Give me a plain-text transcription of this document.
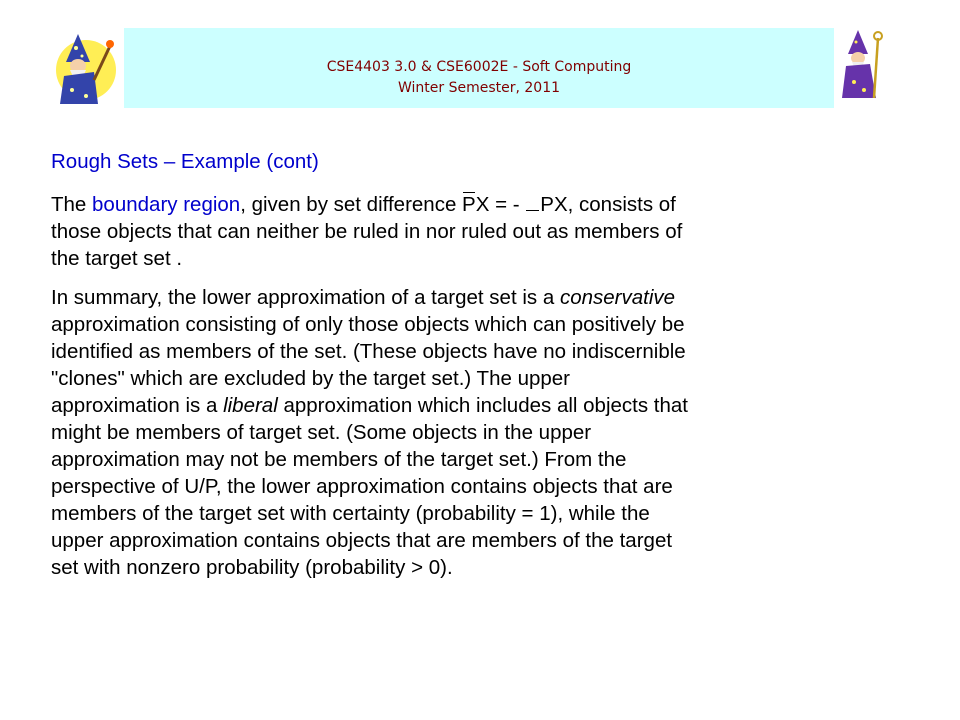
CSE4403 3.0 & CSE6002E - Soft Computing
Winter Semester, 2011
Rough Sets – Example (cont)
The boundary region, given by set difference PX = - PX, consists of
those objects that can neither be ruled in nor ruled out as members of
the target set .
In summary, the lower approximation of a target set is a conservative
approximation consisting of only those objects which can positively be
identified as members of the set. (These objects have no indiscernible
"clones" which are excluded by the target set.) The upper
approximation is a liberal approximation which includes all objects that
might be members of target set. (Some objects in the upper
approximation may not be members of the target set.) From the
perspective of U/P, the lower approximation contains objects that are
members of the target set with certainty (probability = 1), while the
upper approximation contains objects that are members of the target
set with nonzero probability (probability > 0).
